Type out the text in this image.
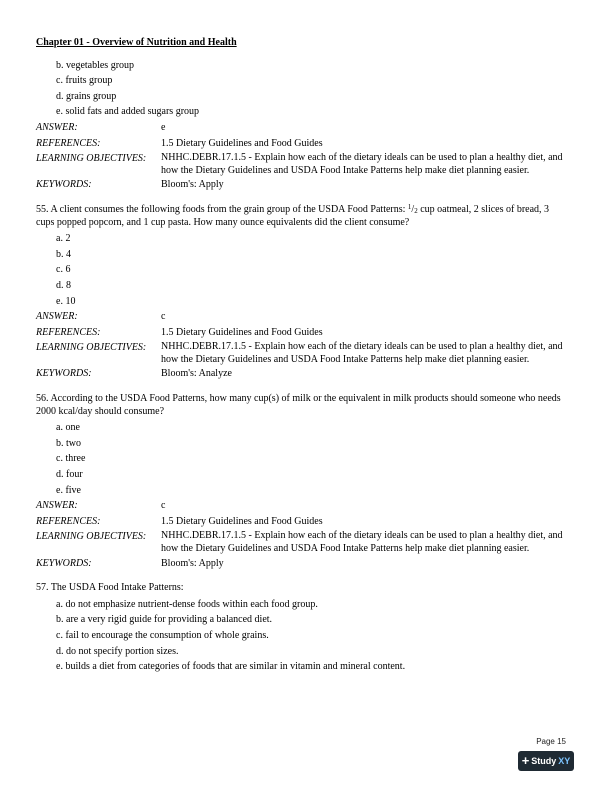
Chapter 01 - Overview of Nutrition and Health
b. vegetables group
c. fruits group
d. grains group
e. solid fats and added sugars group
ANSWER:	e
REFERENCES:	1.5 Dietary Guidelines and Food Guides
LEARNING OBJECTIVES:	NHHC.DEBR.17.1.5 - Explain how each of the dietary ideals can be used to plan a healthy diet, and how the Dietary Guidelines and USDA Food Intake Patterns help make diet planning easier.
KEYWORDS:	Bloom's: Apply
55. A client consumes the following foods from the grain group of the USDA Food Patterns: $^1/_2$ cup oatmeal, 2 slices of bread, 3 cups popped popcorn, and 1 cup pasta. How many ounce equivalents did the client consume?
a. 2
b. 4
c. 6
d. 8
e. 10
ANSWER:	c
REFERENCES:	1.5 Dietary Guidelines and Food Guides
LEARNING OBJECTIVES:	NHHC.DEBR.17.1.5 - Explain how each of the dietary ideals can be used to plan a healthy diet, and how the Dietary Guidelines and USDA Food Intake Patterns help make diet planning easier.
KEYWORDS:	Bloom's: Analyze
56. According to the USDA Food Patterns, how many cup(s) of milk or the equivalent in milk products should someone who needs 2000 kcal/day should consume?
a. one
b. two
c. three
d. four
e. five
ANSWER:	c
REFERENCES:	1.5 Dietary Guidelines and Food Guides
LEARNING OBJECTIVES:	NHHC.DEBR.17.1.5 - Explain how each of the dietary ideals can be used to plan a healthy diet, and how the Dietary Guidelines and USDA Food Intake Patterns help make diet planning easier.
KEYWORDS:	Bloom's: Apply
57. The USDA Food Intake Patterns:
a. do not emphasize nutrient-dense foods within each food group.
b. are a very rigid guide for providing a balanced diet.
c. fail to encourage the consumption of whole grains.
d. do not specify portion sizes.
e. builds a diet from categories of foods that are similar in vitamin and mineral content.
Page 15
+ Study XY
